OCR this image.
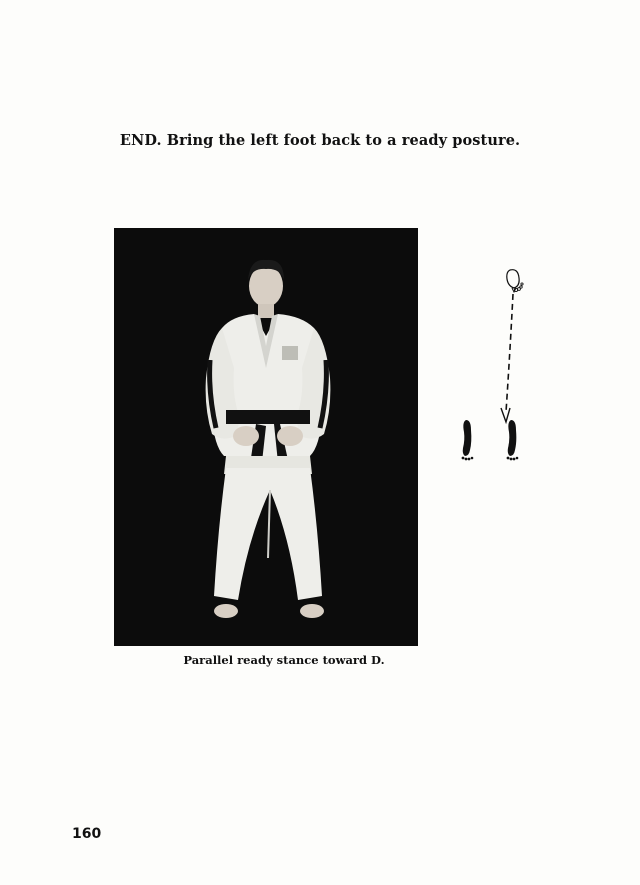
END. Bring the left foot back to a ready posture.
Parallel ready stance toward D.
160
